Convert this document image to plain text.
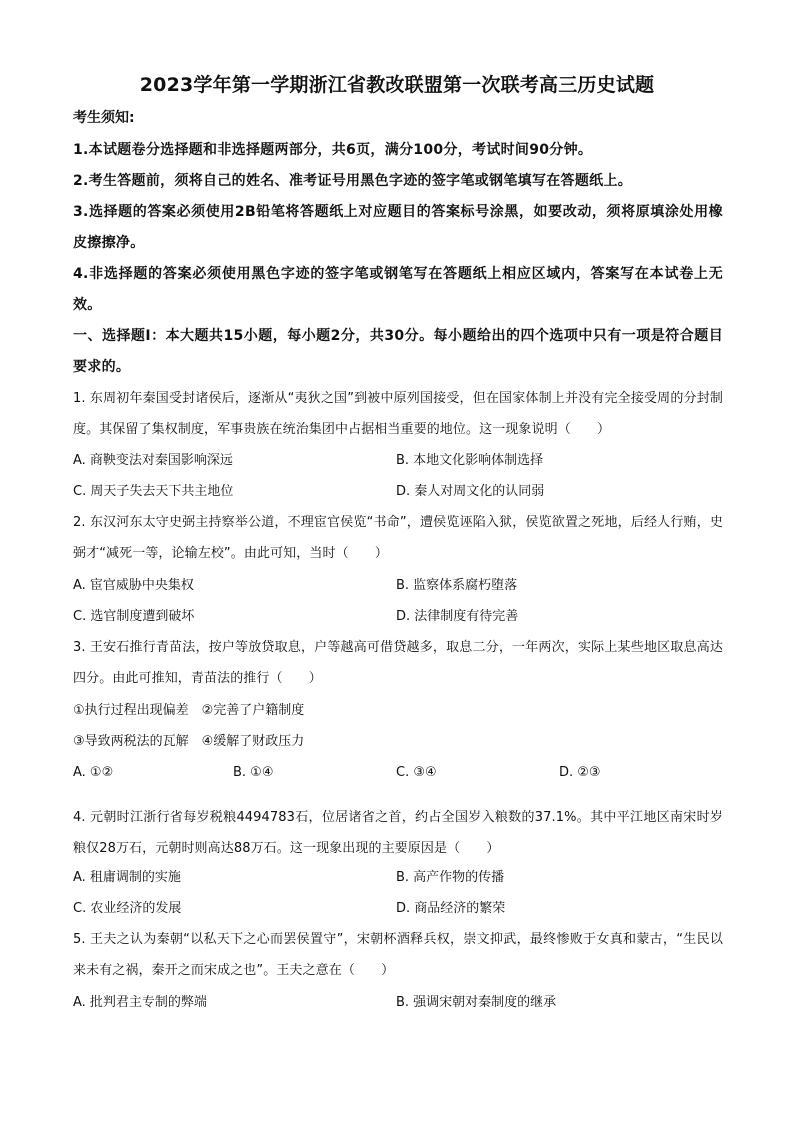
2023学年第一学期浙江省教改联盟第一次联考高三历史试题
考生须知:
1.本试题卷分选择题和非选择题两部分，共6页，满分100分，考试时间90分钟。
2.考生答题前，须将自己的姓名、准考证号用黑色字迹的签字笔或钢笔填写在答题纸上。
3.选择题的答案必须使用2B铅笔将答题纸上对应题目的答案标号涂黑，如要改动，须将原填涂处用橡皮擦擦净。
4.非选择题的答案必须使用黑色字迹的签字笔或钢笔写在答题纸上相应区域内，答案写在本试卷上无效。
一、选择题Ⅰ：本大题共15小题，每小题2分，共30分。每小题给出的四个选项中只有一项是符合题目要求的。
1. 东周初年秦国受封诸侯后，逐渐从“夷狄之国”到被中原列国接受，但在国家体制上并没有完全接受周的分封制度。其保留了集权制度，军事贵族在统治集团中占据相当重要的地位。这一现象说明（　　）
A. 商鞅变法对秦国影响深远	B. 本地文化影响体制选择
C. 周天子失去天下共主地位	D. 秦人对周文化的认同弱
2. 东汉河东太守史弼主持察举公道，不理宦官侯览“书命”，遭侯览诬陷入狱，侯览欲置之死地，后经人行贿，史弼才“减死一等，论输左校”。由此可知，当时（　　）
A. 宦官威胁中央集权	B. 监察体系腐朽堕落
C. 选官制度遭到破坏	D. 法律制度有待完善
3. 王安石推行青苗法，按户等放贷取息，户等越高可借贷越多，取息二分，一年两次，实际上某些地区取息高达四分。由此可推知，青苗法的推行（　　）
①执行过程出现偏差　②完善了户籍制度
③导致两税法的瓦解　④缓解了财政压力
A. ①②	B. ①④	C. ③④	D. ②③
4. 元朝时江浙行省每岁税粮4494783石，位居诸省之首，约占全国岁入粮数的37.1%。其中平江地区南宋时岁粮仅28万石，元朝时则高达88万石。这一现象出现的主要原因是（　　）
A. 租庸调制的实施	B. 高产作物的传播
C. 农业经济的发展	D. 商品经济的繁荣
5. 王夫之认为秦朝“以私天下之心而罢侯置守”，宋朝杯酒释兵权，崇文抑武，最终惨败于女真和蒙古，“生民以来未有之祸，秦开之而宋成之也”。王夫之意在（　　）
A. 批判君主专制的弊端	B. 强调宋朝对秦制度的继承
